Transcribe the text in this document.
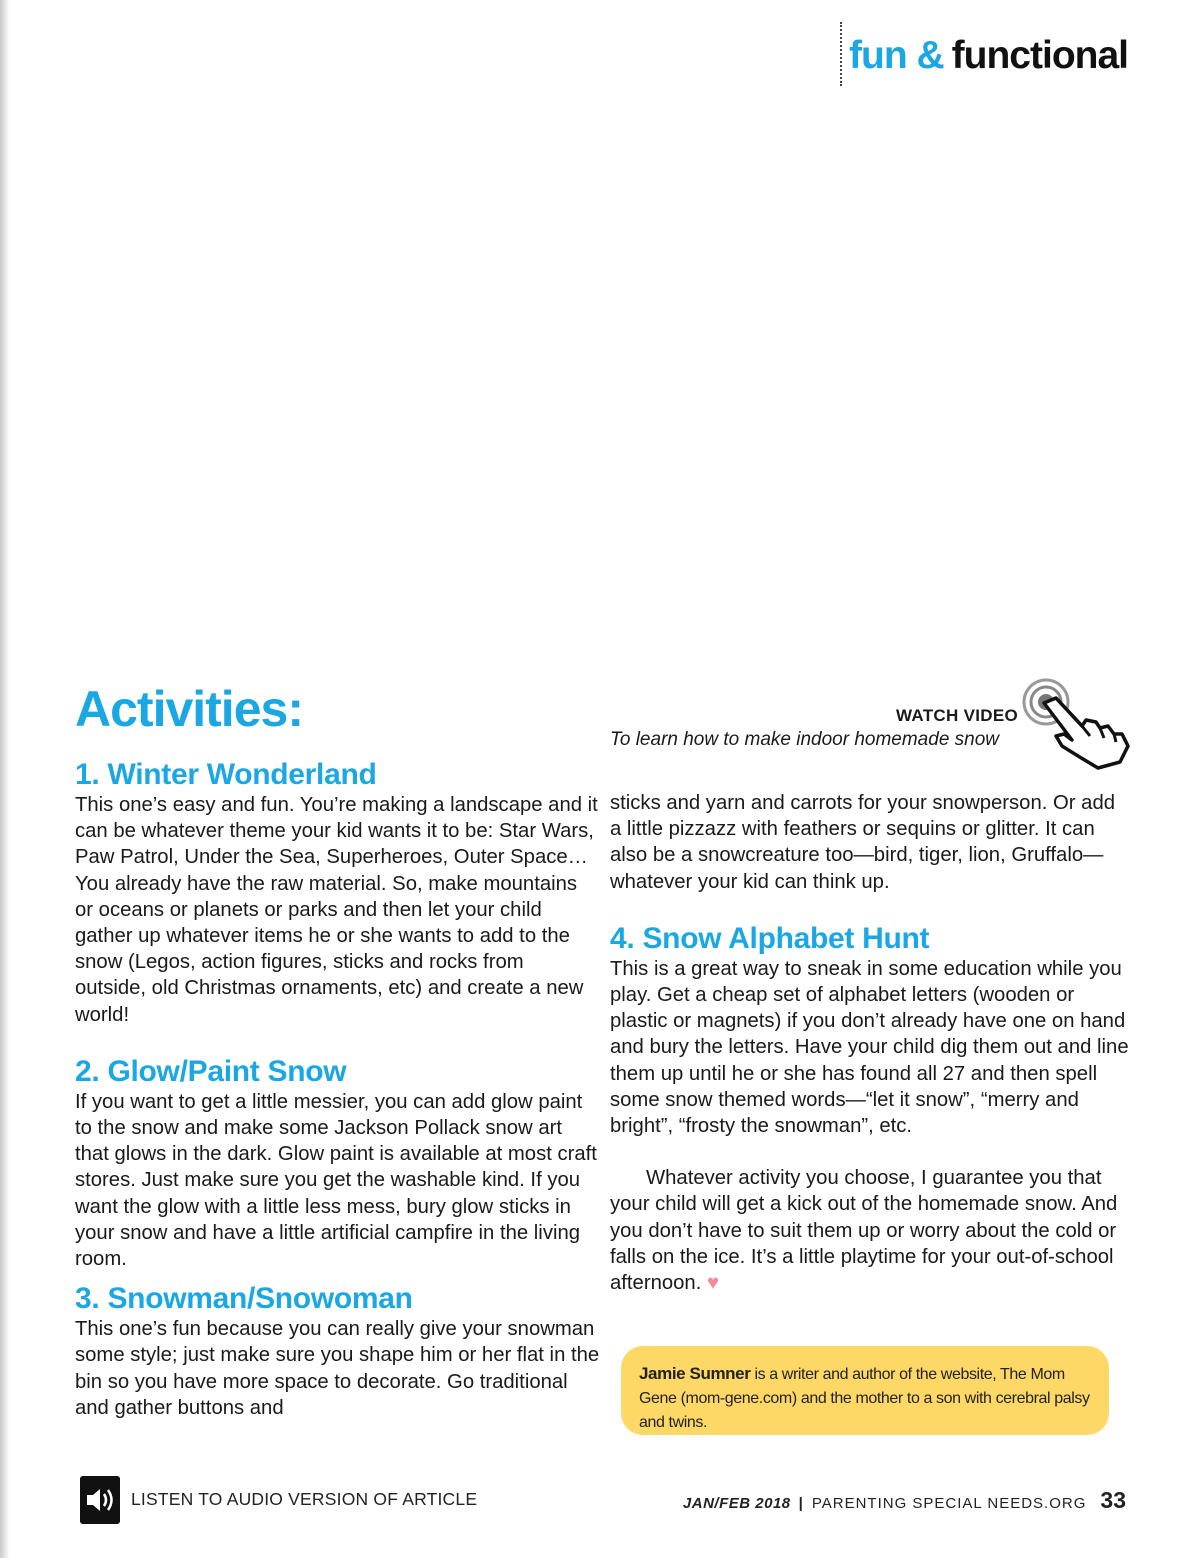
fun & functional
Activities:	WATCH VIDEO
To learn how to make indoor homemade snow
1. Winter Wonderland

This one’s easy and fun. You’re making a landscape and it can be whatever theme your kid wants it to be: Star Wars, Paw Patrol, Under the Sea, Superheroes, Outer Space…You already have the raw material. So, make mountains or oceans or planets or parks and then let your child gather up whatever items he or she wants to add to the snow (Legos, action figures, sticks and rocks from outside, old Christmas ornaments, etc) and create a new world!

2. Glow/Paint Snow

If you want to get a little messier, you can add glow paint to the snow and make some Jackson Pollack snow art that glows in the dark. Glow paint is available at most craft stores. Just make sure you get the washable kind. If you want the glow with a little less mess, bury glow sticks in your snow and have a little artificial campfire in the living room.

3. Snowman/Snowoman

This one’s fun because you can really give your snowman some style; just make sure you shape him or her flat in the bin so you have more space to decorate. Go traditional and gather buttons and

sticks and yarn and carrots for your snowperson. Or add a little pizzazz with feathers or sequins or glitter. It can also be a snowcreature too—bird, tiger, lion, Gruffalo—whatever your kid can think up.

4. Snow Alphabet Hunt

This is a great way to sneak in some education while you play. Get a cheap set of alphabet letters (wooden or plastic or magnets) if you don’t already have one on hand and bury the letters. Have your child dig them out and line them up until he or she has found all 27 and then spell some snow themed words—“let it snow”, “merry and bright”, “frosty the snowman”, etc.

Whatever activity you choose, I guarantee you that your child will get a kick out of the homemade snow. And you don’t have to suit them up or worry about the cold or falls on the ice. It’s a little playtime for your out-of-school afternoon. ♥

Jamie Sumner is a writer and author of the website, The Mom Gene (mom-gene.com) and the mother to a son with cerebral palsy and twins.
LISTEN TO AUDIO VERSION OF ARTICLE	JAN/FEB 2018 | PARENTING SPECIAL NEEDS.ORG 33
